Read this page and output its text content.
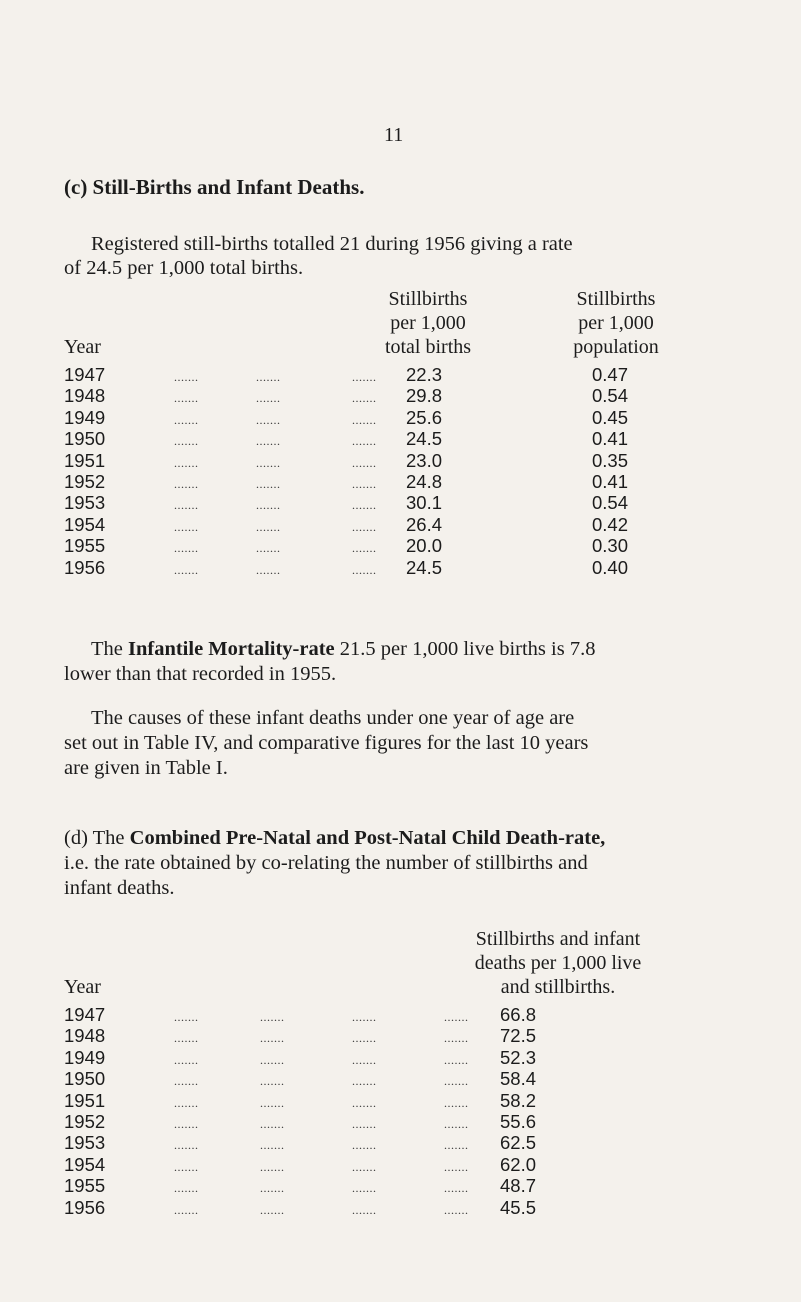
11
(c) Still-Births and Infant Deaths.
Registered still-births totalled 21 during 1956 giving a rate
of 24.5 per 1,000 total births.
Year
Stillbirths
per 1,000
total births
Stillbirths
per 1,000
population
1947	.......	.......	....... 22.3	0.47
1948	.......	.......	....... 29.8	0.54
1949	.......	.......	....... 25.6	0.45
1950	.......	.......	....... 24.5	0.41
1951	.......	.......	....... 23.0	0.35
1952	.......	.......	....... 24.8	0.41
1953	.......	.......	....... 30.1	0.54
1954	.......	.......	....... 26.4	0.42
1955	.......	.......	....... 20.0	0.30
1956	.......	.......	....... 24.5	0.40
The Infantile Mortality-rate 21.5 per 1,000 live births is 7.8
lower than that recorded in 1955.
The causes of these infant deaths under one year of age are
set out in Table IV, and comparative figures for the last 10 years
are given in Table I.
(d) The Combined Pre-Natal and Post-Natal Child Death-rate,
i.e. the rate obtained by co-relating the number of stillbirths and
infant deaths.
Year
Stillbirths and infant
deaths per 1,000 live
and stillbirths.
1947	.......	.......	.......	....... 66.8
1948	.......	.......	.......	....... 72.5
1949	.......	.......	.......	....... 52.3
1950	.......	.......	.......	....... 58.4
1951	.......	.......	.......	....... 58.2
1952	.......	.......	.......	....... 55.6
1953	.......	.......	.......	....... 62.5
1954	.......	.......	.......	....... 62.0
1955	.......	.......	.......	....... 48.7
1956	.......	.......	.......	....... 45.5
